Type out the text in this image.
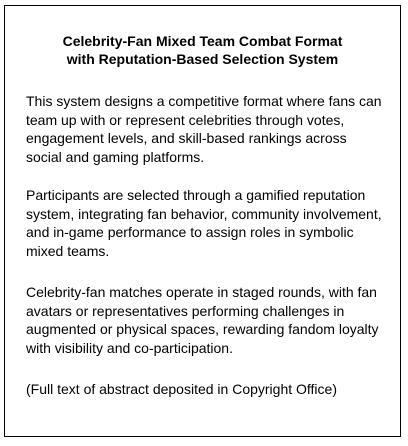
Celebrity-Fan Mixed Team Combat Format
with Reputation-Based Selection System
This system designs a competitive format where fans can team up with or represent celebrities through votes, engagement levels, and skill-based rankings across social and gaming platforms.
Participants are selected through a gamified reputation system, integrating fan behavior, community involvement, and in-game performance to assign roles in symbolic mixed teams.
Celebrity-fan matches operate in staged rounds, with fan avatars or representatives performing challenges in augmented or physical spaces, rewarding fandom loyalty with visibility and co-participation.
(Full text of abstract deposited in Copyright Office)
